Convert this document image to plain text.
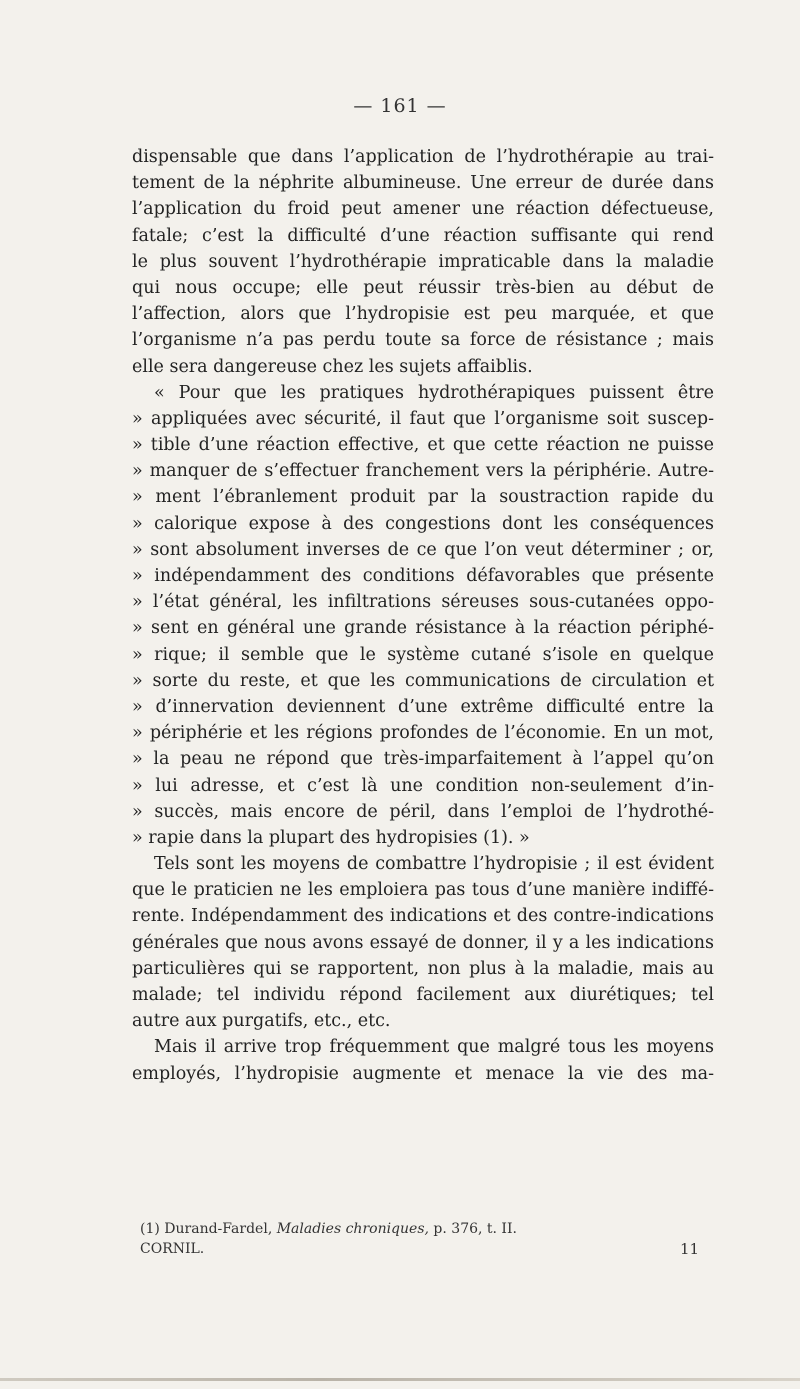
— 161 —
dispensable que dans l’application de l’hydrothérapie au trai-
tement de la néphrite albumineuse. Une erreur de durée dans
l’application du froid peut amener une réaction défectueuse,
fatale; c’est la difficulté d’une réaction suffisante qui rend
le plus souvent l’hydrothérapie impraticable dans la maladie
qui nous occupe; elle peut réussir très-bien au début de
l’affection, alors que l’hydropisie est peu marquée, et que
l’organisme n’a pas perdu toute sa force de résistance ; mais
elle sera dangereuse chez les sujets affaiblis.
« Pour que les pratiques hydrothérapiques puissent être
» appliquées avec sécurité, il faut que l’organisme soit suscep-
» tible d’une réaction effective, et que cette réaction ne puisse
» manquer de s’effectuer franchement vers la périphérie. Autre-
» ment l’ébranlement produit par la soustraction rapide du
» calorique expose à des congestions dont les conséquences
» sont absolument inverses de ce que l’on veut déterminer ; or,
» indépendamment des conditions défavorables que présente
» l’état général, les infiltrations séreuses sous-cutanées oppo-
» sent en général une grande résistance à la réaction périphé-
» rique; il semble que le système cutané s’isole en quelque
» sorte du reste, et que les communications de circulation et
» d’innervation deviennent d’une extrême difficulté entre la
» périphérie et les régions profondes de l’économie. En un mot,
» la peau ne répond que très-imparfaitement à l’appel qu’on
» lui adresse, et c’est là une condition non-seulement d’in-
» succès, mais encore de péril, dans l’emploi de l’hydrothé-
» rapie dans la plupart des hydropisies (1). »
Tels sont les moyens de combattre l’hydropisie ; il est évident
que le praticien ne les emploiera pas tous d’une manière indiffé-
rente. Indépendamment des indications et des contre-indications
générales que nous avons essayé de donner, il y a les indications
particulières qui se rapportent, non plus à la maladie, mais au
malade; tel individu répond facilement aux diurétiques; tel
autre aux purgatifs, etc., etc.
Mais il arrive trop fréquemment que malgré tous les moyens
employés, l’hydropisie augmente et menace la vie des ma-
(1) Durand-Fardel, Maladies chroniques, p. 376, t. II.
CORNIL.	11
